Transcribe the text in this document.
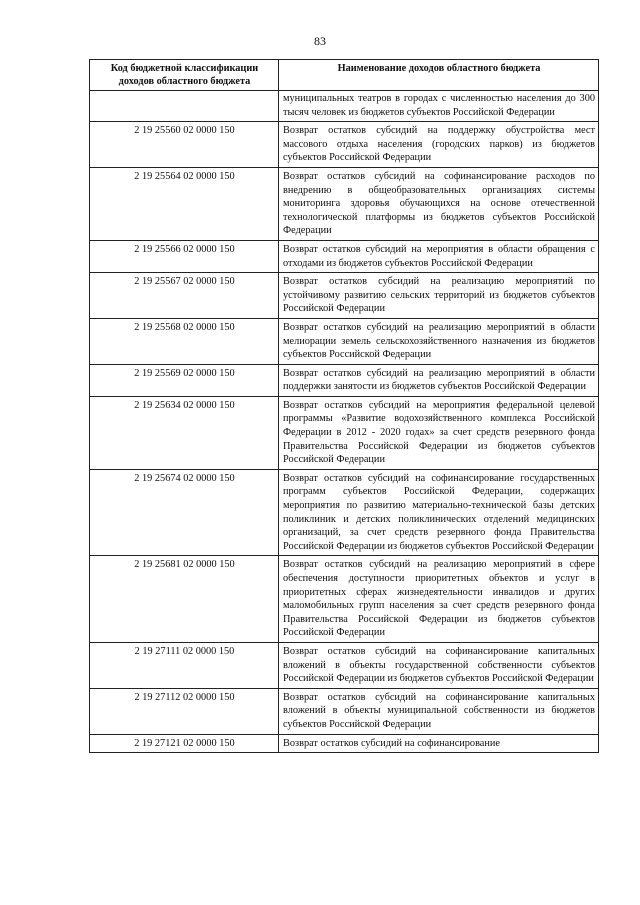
83
Код бюджетной классификации доходов областного бюджета	Наименование доходов областного бюджета
	муниципальных театров в городах с численностью населения до 300 тысяч человек из бюджетов субъектов Российской Федерации
2 19 25560 02 0000 150	Возврат остатков субсидий на поддержку обустройства мест массового отдыха населения (городских парков) из бюджетов субъектов Российской Федерации
2 19 25564 02 0000 150	Возврат остатков субсидий на софинансирование расходов по внедрению в общеобразовательных организациях системы мониторинга здоровья обучающихся на основе отечественной технологической платформы из бюджетов субъектов Российской Федерации
2 19 25566 02 0000 150	Возврат остатков субсидий на мероприятия в области обращения с отходами из бюджетов субъектов Российской Федерации
2 19 25567 02 0000 150	Возврат остатков субсидий на реализацию мероприятий по устойчивому развитию сельских территорий из бюджетов субъектов Российской Федерации
2 19 25568 02 0000 150	Возврат остатков субсидий на реализацию мероприятий в области мелиорации земель сельскохозяйственного назначения из бюджетов субъектов Российской Федерации
2 19 25569 02 0000 150	Возврат остатков субсидий на реализацию мероприятий в области поддержки занятости из бюджетов субъектов Российской Федерации
2 19 25634 02 0000 150	Возврат остатков субсидий на мероприятия федеральной целевой программы «Развитие водохозяйственного комплекса Российской Федерации в 2012 - 2020 годах» за счет средств резервного фонда Правительства Российской Федерации из бюджетов субъектов Российской Федерации
2 19 25674 02 0000 150	Возврат остатков субсидий на софинансирование государственных программ субъектов Российской Федерации, содержащих мероприятия по развитию материально-технической базы детских поликлиник и детских поликлинических отделений медицинских организаций, за счет средств резервного фонда Правительства Российской Федерации из бюджетов субъектов Российской Федерации
2 19 25681 02 0000 150	Возврат остатков субсидий на реализацию мероприятий в сфере обеспечения доступности приоритетных объектов и услуг в приоритетных сферах жизнедеятельности инвалидов и других маломобильных групп населения за счет средств резервного фонда Правительства Российской Федерации из бюджетов субъектов Российской Федерации
2 19 27111 02 0000 150	Возврат остатков субсидий на софинансирование капитальных вложений в объекты государственной собственности субъектов Российской Федерации из бюджетов субъектов Российской Федерации
2 19 27112 02 0000 150	Возврат остатков субсидий на софинансирование капитальных вложений в объекты муниципальной собственности из бюджетов субъектов Российской Федерации
2 19 27121 02 0000 150	Возврат остатков субсидий на софинансирование
